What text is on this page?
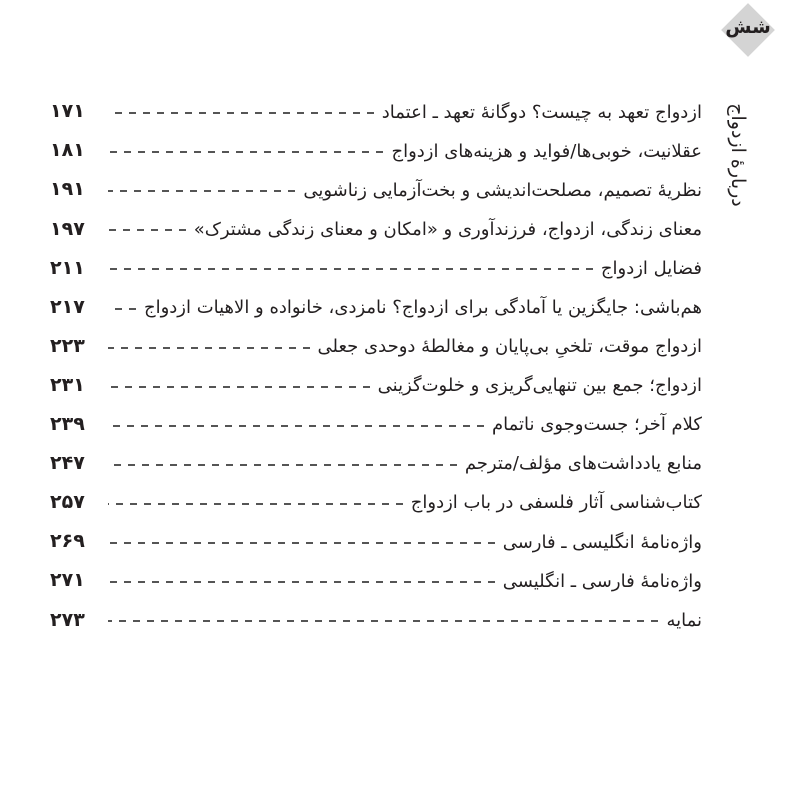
شش
دربارهٔ ازدواج
ازدواج تعهد به چیست؟ دوگانهٔ تعهد ـ اعتماد
۱۷۱
عقلانیت، خوبی‌ها/فواید و هزینه‌های ازدواج
۱۸۱
نظریهٔ تصمیم، مصلحت‌اندیشی و بخت‌آزمایی زناشویی
۱۹۱
معنای زندگی، ازدواج، فرزندآوری و «امکان و معنای زندگی مشترک»
۱۹۷
فضایل ازدواج
۲۱۱
هم‌باشی: جایگزین یا آمادگی برای ازدواج؟ نامزدی، خانواده و الاهیات ازدواج
۲۱۷
ازدواج موقت، تلخیِ بی‌پایان و مغالطهٔ دوحدی جعلی
۲۲۳
ازدواج؛ جمع بین تنهایی‌گریزی و خلوت‌گزینی
۲۳۱
کلام آخر؛ جست‌وجوی ناتمام
۲۳۹
منابع یادداشت‌های مؤلف/مترجم
۲۴۷
کتاب‌شناسی آثار فلسفی در باب ازدواج
۲۵۷
واژه‌نامهٔ انگلیسی ـ فارسی
۲۶۹
واژه‌نامهٔ فارسی ـ انگلیسی
۲۷۱
نمایه
۲۷۳
